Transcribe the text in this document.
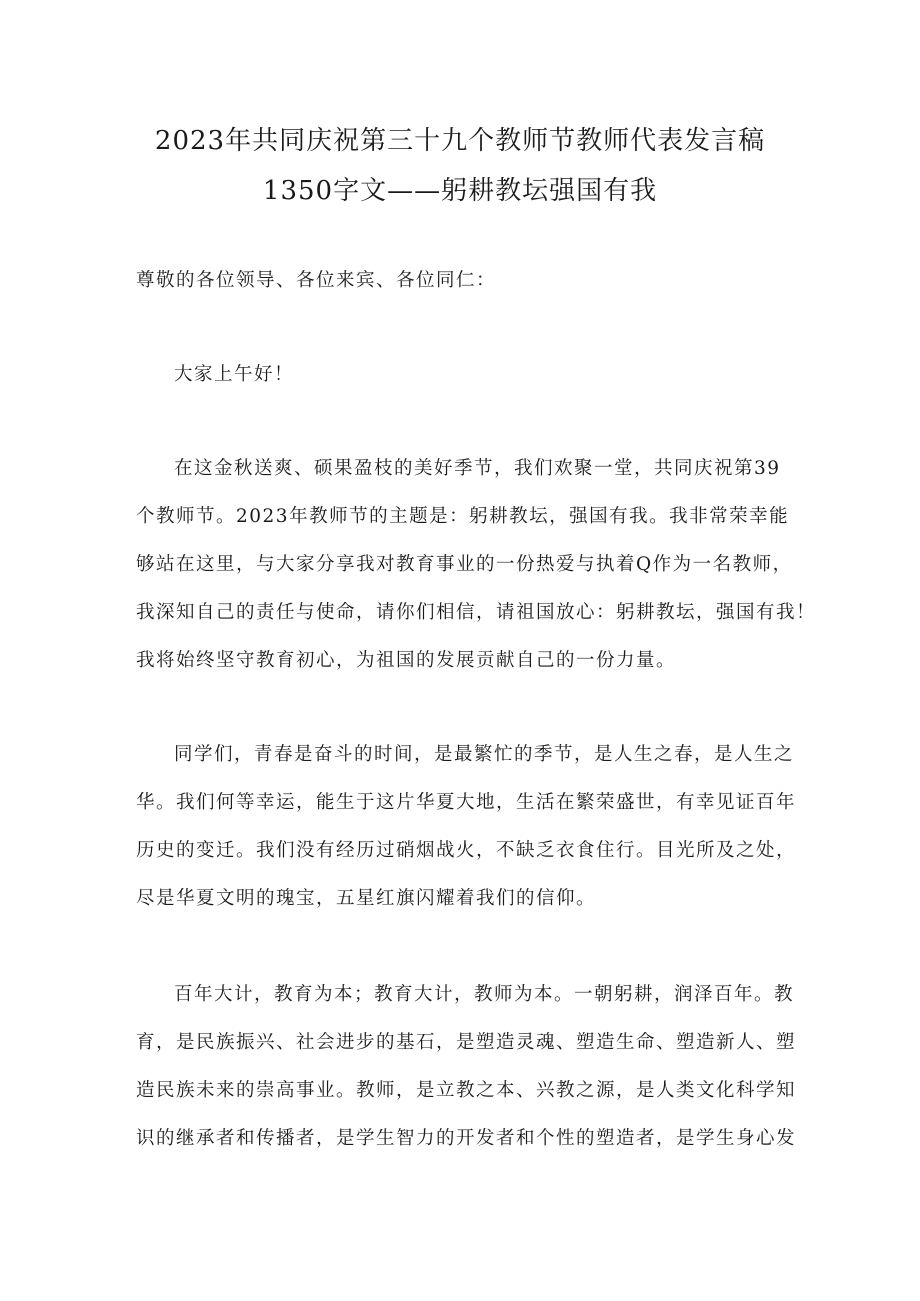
2023年共同庆祝第三十九个教师节教师代表发言稿
1350字文——躬耕教坛强国有我
尊敬的各位领导、各位来宾、各位同仁：
大家上午好！
在这金秋送爽、硕果盈枝的美好季节，我们欢聚一堂，共同庆祝第39
个教师节。2023年教师节的主题是：躬耕教坛，强国有我。我非常荣幸能
够站在这里，与大家分享我对教育事业的一份热爱与执着Q作为一名教师，
我深知自己的责任与使命，请你们相信，请祖国放心：躬耕教坛，强国有我！
我将始终坚守教育初心，为祖国的发展贡献自己的一份力量。
同学们，青春是奋斗的时间，是最繁忙的季节，是人生之春，是人生之
华。我们何等幸运，能生于这片华夏大地，生活在繁荣盛世，有幸见证百年
历史的变迁。我们没有经历过硝烟战火，不缺乏衣食住行。目光所及之处，
尽是华夏文明的瑰宝，五星红旗闪耀着我们的信仰。
百年大计，教育为本；教育大计，教师为本。一朝躬耕，润泽百年。教
育，是民族振兴、社会进步的基石，是塑造灵魂、塑造生命、塑造新人、塑
造民族未来的崇高事业。教师，是立教之本、兴教之源，是人类文化科学知
识的继承者和传播者，是学生智力的开发者和个性的塑造者，是学生身心发
